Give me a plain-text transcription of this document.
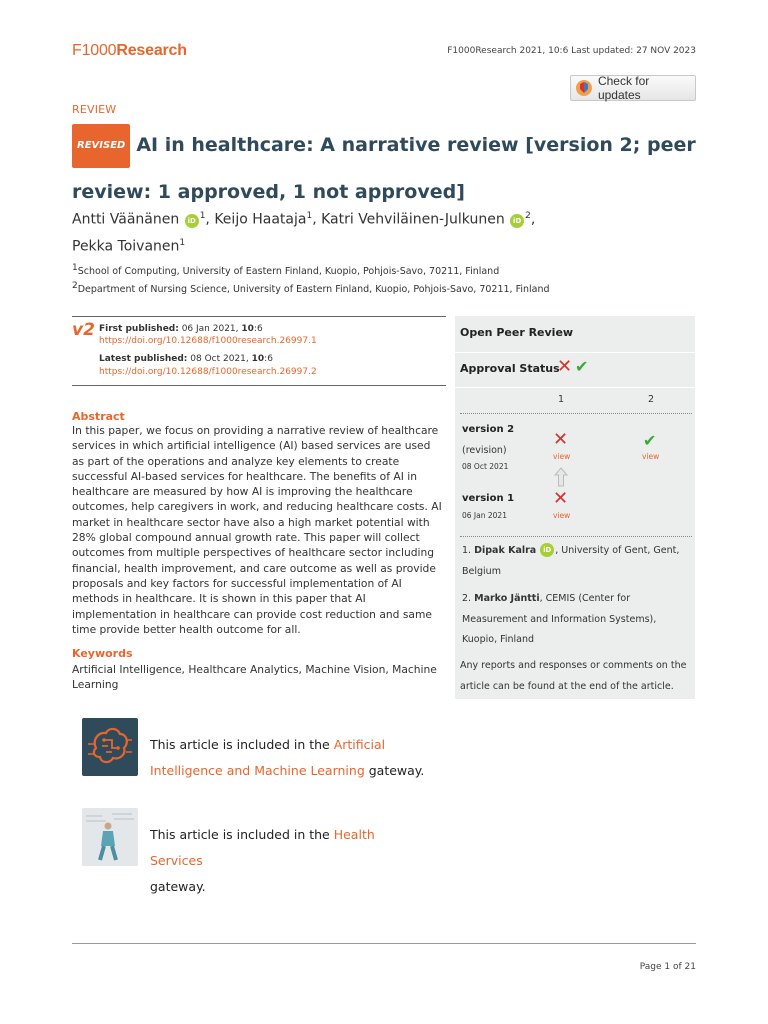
F1000Research	F1000Research 2021, 10:6 Last updated: 27 NOV 2023
Check for updates
REVIEW
REVISED AI in healthcare: A narrative review [version 2; peer review: 1 approved, 1 not approved]
Antti Väänänen iD $^1$, Keijo Haataja$^1$, Katri Vehviläinen-Julkunen iD $^2$,
Pekka Toivanen$^1$
$^1$School of Computing, University of Eastern Finland, Kuopio, Pohjois-Savo, 70211, Finland
$^2$Department of Nursing Science, University of Eastern Finland, Kuopio, Pohjois-Savo, 70211, Finland
v2 First published: 06 Jan 2021, 10:6
https://doi.org/10.12688/f1000research.26997.1
Latest published: 08 Oct 2021, 10:6
https://doi.org/10.12688/f1000research.26997.2
Abstract
In this paper, we focus on providing a narrative review of healthcare services in which artificial intelligence (AI) based services are used as part of the operations and analyze key elements to create successful AI-based services for healthcare. The benefits of AI in healthcare are measured by how AI is improving the healthcare outcomes, help caregivers in work, and reducing healthcare costs. AI market in healthcare sector have also a high market potential with 28% global compound annual growth rate. This paper will collect outcomes from multiple perspectives of healthcare sector including financial, health improvement, and care outcome as well as provide proposals and key factors for successful implementation of AI methods in healthcare. It is shown in this paper that AI implementation in healthcare can provide cost reduction and same time provide better health outcome for all.
Keywords
Artificial Intelligence, Healthcare Analytics, Machine Vision, Machine Learning
This article is included in the Artificial Intelligence and Machine Learning gateway.
This article is included in the Health Services
gateway.
Open Peer Review
Approval Status
✕ ✔
1	2
version 2
(revision)
08 Oct 2021
✕
view
✔
view
version 1
06 Jan 2021
✕
view
1. Dipak Kalra iD , University of Gent, Gent, Belgium
2. Marko Jäntti, CEMIS (Center for Measurement and Information Systems), Kuopio, Finland
Any reports and responses or comments on the article can be found at the end of the article.
Page 1 of 21
